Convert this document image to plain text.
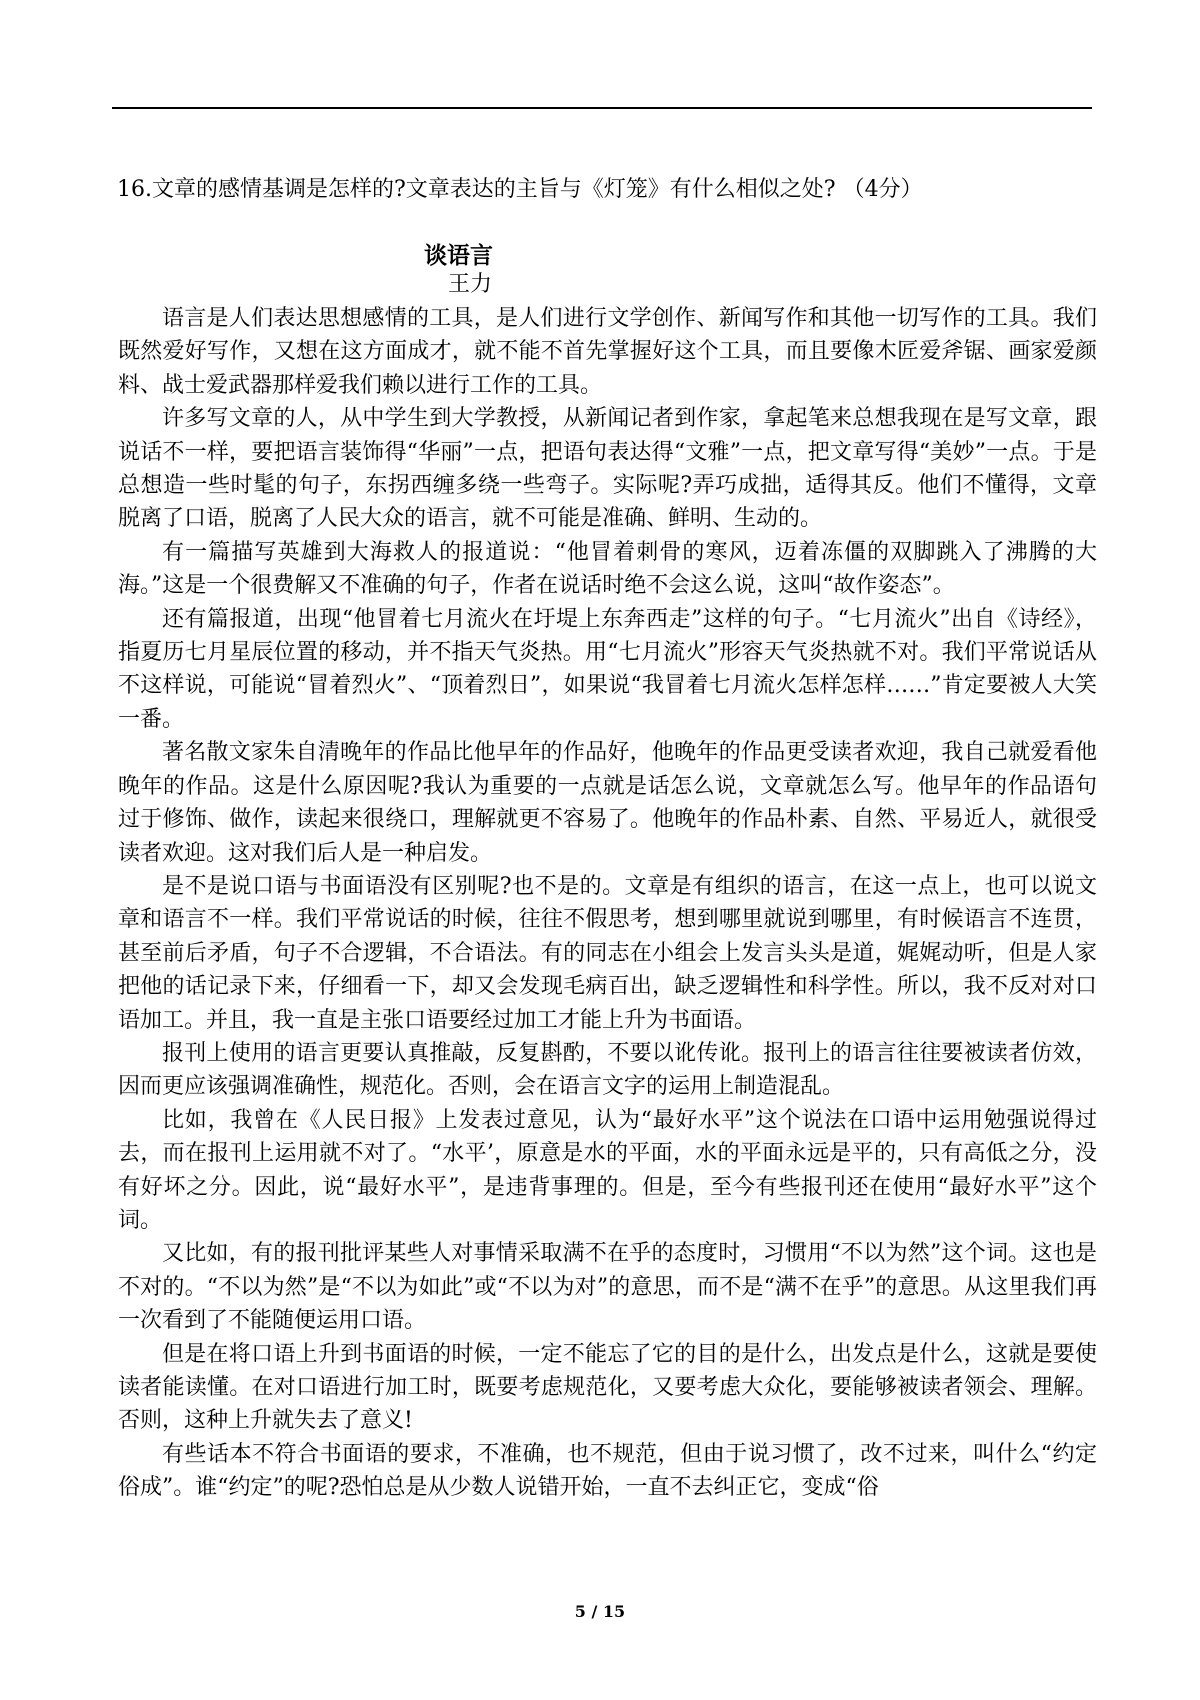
16.文章的感情基调是怎样的?文章表达的主旨与《灯笼》有什么相似之处? （4分）
谈语言
王力

语言是人们表达思想感情的工具，是人们进行文学创作、新闻写作和其他一切写作的工具。我们既然爱好写作，又想在这方面成才，就不能不首先掌握好这个工具，而且要像木匠爱斧锯、画家爱颜料、战士爱武器那样爱我们赖以进行工作的工具。

许多写文章的人，从中学生到大学教授，从新闻记者到作家，拿起笔来总想我现在是写文章，跟说话不一样，要把语言装饰得“华丽”一点，把语句表达得“文雅”一点，把文章写得“美妙”一点。于是总想造一些时髦的句子，东拐西缠多绕一些弯子。实际呢?弄巧成拙，适得其反。他们不懂得，文章脱离了口语，脱离了人民大众的语言，就不可能是准确、鲜明、生动的。

有一篇描写英雄到大海救人的报道说：“他冒着刺骨的寒风，迈着冻僵的双脚跳入了沸腾的大海。”这是一个很费解又不准确的句子，作者在说话时绝不会这么说，这叫“故作姿态”。

还有篇报道，出现“他冒着七月流火在圩堤上东奔西走”这样的句子。“七月流火”出自《诗经》，指夏历七月星辰位置的移动，并不指天气炎热。用“七月流火”形容天气炎热就不对。我们平常说话从不这样说，可能说“冒着烈火”、“顶着烈日”，如果说“我冒着七月流火怎样怎样……”肯定要被人大笑一番。

著名散文家朱自清晚年的作品比他早年的作品好，他晚年的作品更受读者欢迎，我自己就爱看他晚年的作品。这是什么原因呢?我认为重要的一点就是话怎么说，文章就怎么写。他早年的作品语句过于修饰、做作，读起来很绕口，理解就更不容易了。他晚年的作品朴素、自然、平易近人，就很受读者欢迎。这对我们后人是一种启发。

是不是说口语与书面语没有区别呢?也不是的。文章是有组织的语言，在这一点上，也可以说文章和语言不一样。我们平常说话的时候，往往不假思考，想到哪里就说到哪里，有时候语言不连贯，甚至前后矛盾，句子不合逻辑，不合语法。有的同志在小组会上发言头头是道，娓娓动听，但是人家把他的话记录下来，仔细看一下，却又会发现毛病百出，缺乏逻辑性和科学性。所以，我不反对对口语加工。并且，我一直是主张口语要经过加工才能上升为书面语。

报刊上使用的语言更要认真推敲，反复斟酌，不要以讹传讹。报刊上的语言往往要被读者仿效，因而更应该强调准确性，规范化。否则，会在语言文字的运用上制造混乱。

比如，我曾在《人民日报》上发表过意见，认为“最好水平”这个说法在口语中运用勉强说得过去，而在报刊上运用就不对了。“水平’，原意是水的平面，水的平面永远是平的，只有高低之分，没有好坏之分。因此，说“最好水平”，是违背事理的。但是，至今有些报刊还在使用“最好水平”这个词。

又比如，有的报刊批评某些人对事情采取满不在乎的态度时，习惯用“不以为然”这个词。这也是不对的。“不以为然”是“不以为如此”或“不以为对”的意思，而不是“满不在乎”的意思。从这里我们再一次看到了不能随便运用口语。

但是在将口语上升到书面语的时候，一定不能忘了它的目的是什么，出发点是什么，这就是要使读者能读懂。在对口语进行加工时，既要考虑规范化，又要考虑大众化，要能够被读者领会、理解。否则，这种上升就失去了意义!

有些话本不符合书面语的要求，不准确，也不规范，但由于说习惯了，改不过来，叫什么“约定俗成”。谁“约定”的呢?恐怕总是从少数人说错开始，一直不去纠正它，变成“俗

5 / 15
